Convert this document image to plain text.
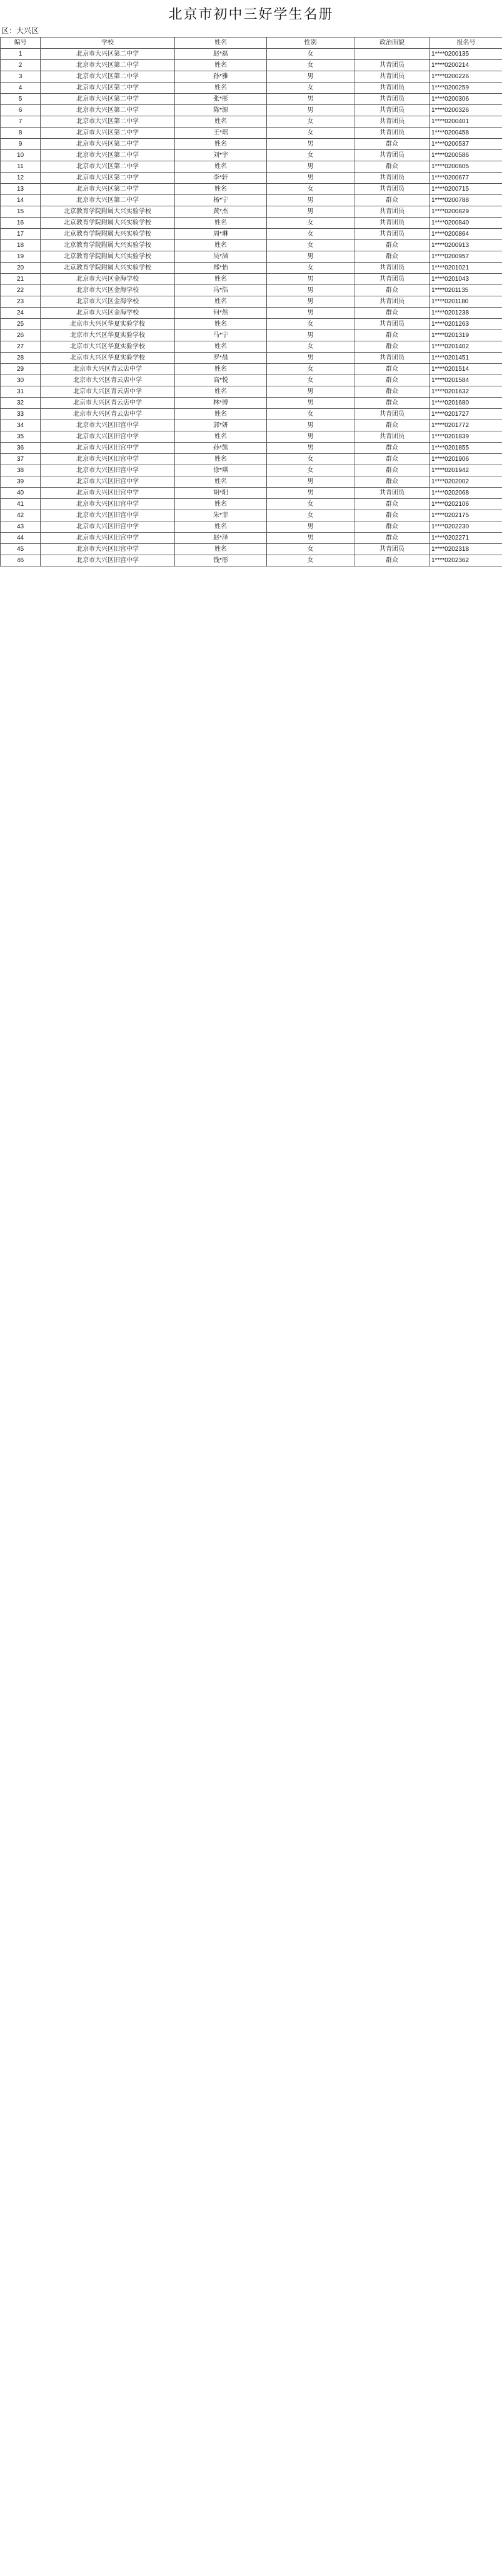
北京市初中三好学生名册
区：大兴区
编号	学校	姓名	性别	政治面貌	报名号
1	北京市大兴区第二中学	赵*磊	女		1****0200135
2	北京市大兴区第二中学	姓名	女	共青团员	1****0200214
3	北京市大兴区第二中学	孙*雅	男	共青团员	1****0200226
4	北京市大兴区第二中学	姓名	女	共青团员	1****0200259
5	北京市大兴区第二中学	张*彤	男	共青团员	1****0200306
6	北京市大兴区第二中学	陈*源	男	共青团员	1****0200326
7	北京市大兴区第二中学	姓名	女	共青团员	1****0200401
8	北京市大兴区第二中学	王*瑶	女	共青团员	1****0200458
9	北京市大兴区第二中学	姓名	男	群众	1****0200537
10	北京市大兴区第二中学	刘*宇	女	共青团员	1****0200586
11	北京市大兴区第二中学	姓名	男	群众	1****0200605
12	北京市大兴区第二中学	李*轩	男	共青团员	1****0200677
13	北京市大兴区第二中学	姓名	女	共青团员	1****0200715
14	北京市大兴区第二中学	杨*宁	男	群众	1****0200788
15	北京教育学院附属大兴实验学校	黄*杰	男	共青团员	1****0200829
16	北京教育学院附属大兴实验学校	姓名	女	共青团员	1****0200840
17	北京教育学院附属大兴实验学校	周*琳	女	共青团员	1****0200864
18	北京教育学院附属大兴实验学校	姓名	女	群众	1****0200913
19	北京教育学院附属大兴实验学校	吴*涵	男	群众	1****0200957
20	北京教育学院附属大兴实验学校	郑*怡	女	共青团员	1****0201021
21	北京市大兴区金海学校	姓名	男	共青团员	1****0201043
22	北京市大兴区金海学校	冯*浩	男	群众	1****0201135
23	北京市大兴区金海学校	姓名	男	共青团员	1****0201180
24	北京市大兴区金海学校	何*然	男	群众	1****0201238
25	北京市大兴区华夏实验学校	姓名	女	共青团员	1****0201263
26	北京市大兴区华夏实验学校	马*宁	男	群众	1****0201319
27	北京市大兴区华夏实验学校	姓名	女	群众	1****0201402
28	北京市大兴区华夏实验学校	罗*晨	男	共青团员	1****0201451
29	北京市大兴区青云店中学	姓名	女	群众	1****0201514
30	北京市大兴区青云店中学	高*悦	女	群众	1****0201584
31	北京市大兴区青云店中学	姓名	男	群众	1****0201632
32	北京市大兴区青云店中学	林*博	男	群众	1****0201680
33	北京市大兴区青云店中学	姓名	女	共青团员	1****0201727
34	北京市大兴区旧宫中学	郭*妍	男	群众	1****0201772
35	北京市大兴区旧宫中学	姓名	男	共青团员	1****0201839
36	北京市大兴区旧宫中学	孙*凯	男	群众	1****0201855
37	北京市大兴区旧宫中学	姓名	女	群众	1****0201906
38	北京市大兴区旧宫中学	徐*琪	女	群众	1****0201942
39	北京市大兴区旧宫中学	姓名	男	群众	1****0202002
40	北京市大兴区旧宫中学	胡*阳	男	共青团员	1****0202068
41	北京市大兴区旧宫中学	姓名	女	群众	1****0202106
42	北京市大兴区旧宫中学	朱*菲	女	群众	1****0202175
43	北京市大兴区旧宫中学	姓名	男	群众	1****0202230
44	北京市大兴区旧宫中学	赵*泽	男	群众	1****0202271
45	北京市大兴区旧宫中学	姓名	女	共青团员	1****0202318
46	北京市大兴区旧宫中学	钱*彤	女	群众	1****0202362
